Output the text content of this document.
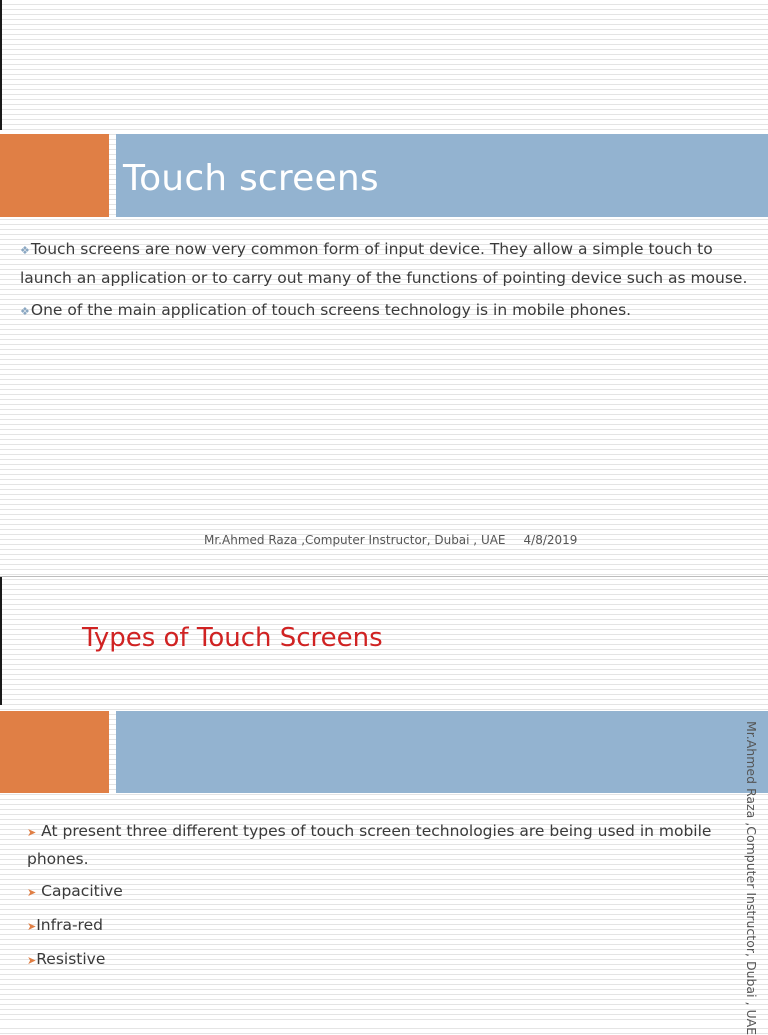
Touch screens
❖Touch screens are now very common form of input device. They allow a simple touch to launch an application or to carry out many of the functions of pointing device such as mouse.
❖One of the main application of touch screens technology is in mobile phones.
Mr.Ahmed Raza ,Computer Instructor, Dubai , UAE 4/8/2019
Types of Touch Screens
➤ At present three different types of touch screen technologies are being used in mobile phones.
➤ Capacitive
➤Infra-red
➤Resistive	Mr.Ahmed Raza ,Computer Instructor, Dubai , UAE
